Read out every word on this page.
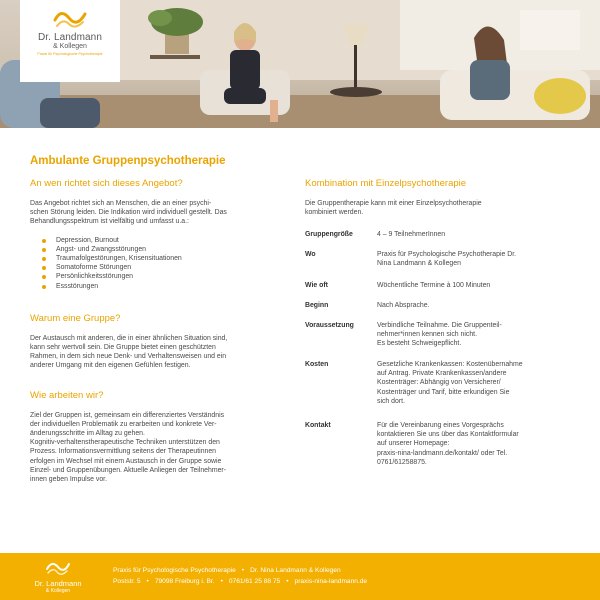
Dr. Landmann
& Kollegen
Praxis für Psychologische Psychotherapie
Ambulante Gruppenpsychotherapie
An wen richtet sich dieses Angebot?
Das Angebot richtet sich an Menschen, die an einer psychi-
schen Störung leiden. Die Indikation wird individuell gestellt. Das
Behandlungsspektrum ist vielfältig und umfasst u.a.:
Depression, Burnout
Angst- und Zwangsstörungen
Traumafolgestörungen, Krisensituationen
Somatoforme Störungen
Persönlichkeitsstörungen
Essstörungen
Warum eine Gruppe?
Der Austausch mit anderen, die in einer ähnlichen Situation sind,
kann sehr wertvoll sein. Die Gruppe bietet einen geschützten
Rahmen, in dem sich neue Denk- und Verhaltensweisen und ein
anderer Umgang mit den eigenen Gefühlen festigen.
Wie arbeiten wir?
Ziel der Gruppen ist, gemeinsam ein differenziertes Verständnis
der individuellen Problematik zu erarbeiten und konkrete Ver-
änderungsschritte im Alltag zu gehen.
Kognitiv-verhaltenstherapeutische Techniken unterstützen den
Prozess. Informationsvermittlung seitens der Therapeutinnen
erfolgen im Wechsel mit einem Austausch in der Gruppe sowie
Einzel- und Gruppenübungen. Aktuelle Anliegen der Teilnehmer-
innen geben Impulse vor.
Kombination mit Einzelpsychotherapie
Die Gruppentherapie kann mit einer Einzelpsychotherapie
kombiniert werden.
Gruppengröße	4 – 9 TeilnehmerInnen
Wo	Praxis für Psychologische Psychotherapie Dr.
Nina Landmann & Kollegen
Wie oft	Wöchentliche Termine à 100 Minuten
Beginn	Nach Absprache.
Voraussetzung	Verbindliche Teilnahme. Die Gruppenteil-
nehmer*innen kennen sich nicht.
Es besteht Schweigepflicht.
Kosten	Gesetzliche Krankenkassen: Kostenübernahme
auf Antrag. Private Krankenkassen/andere
Kostenträger: Abhängig von Versicherer/
Kostenträger und Tarif, bitte erkundigen Sie
sich dort.
Kontakt	Für die Vereinbarung eines Vorgesprächs
kontaktieren Sie uns über das Kontaktformular
auf unserer Homepage:
praxis-nina-landmann.de/kontakt/ oder Tel.
0761/61258875.
Dr. Landmann
& Kollegen
Praxis für Psychologische Psychotherapie • Dr. Nina Landmann & Kollegen
Poststr. 5 • 79098 Freiburg i. Br. • 0761/61 25 88 75 • praxis-nina-landmann.de
